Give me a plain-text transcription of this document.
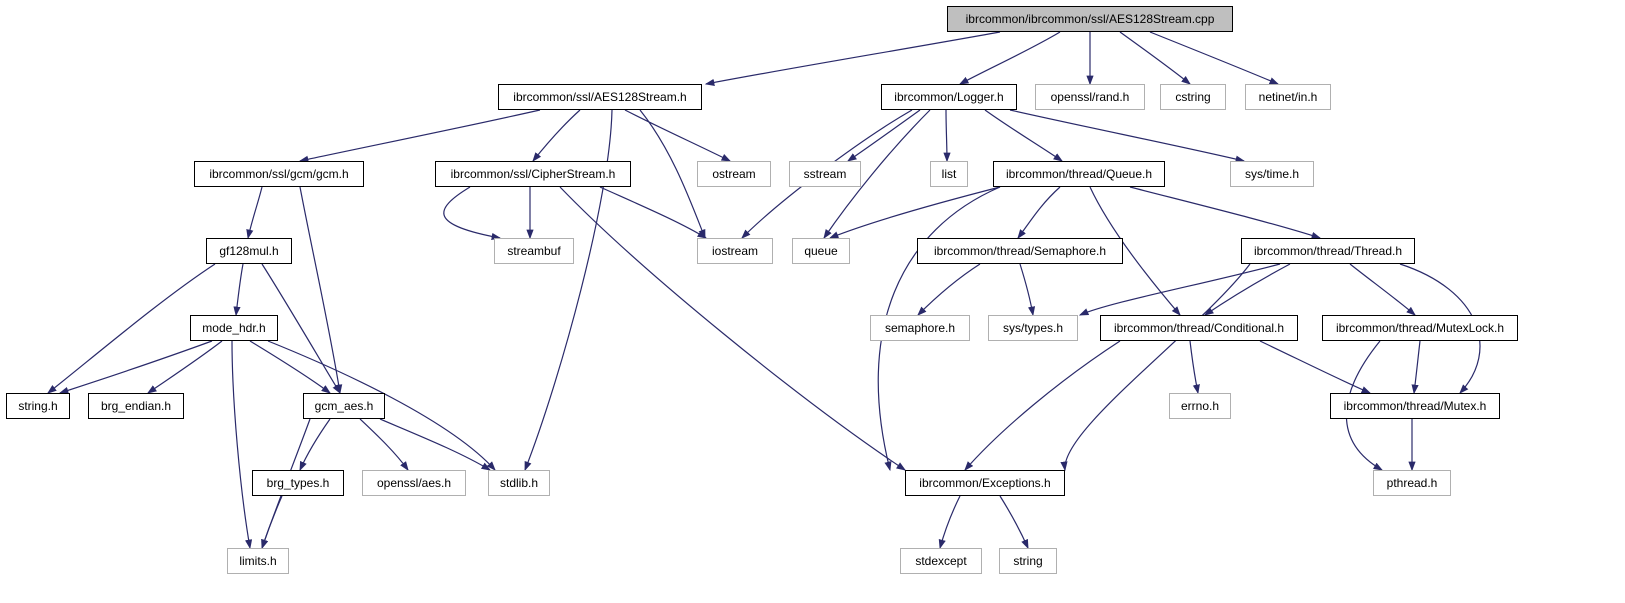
ibrcommon/ibrcommon/ssl/AES128Stream.cpp
ibrcommon/ssl/AES128Stream.h	ibrcommon/Logger.h	openssl/rand.h	cstring	netinet/in.h
ibrcommon/ssl/gcm/gcm.h	ibrcommon/ssl/CipherStream.h	ostream	sstream	list	ibrcommon/thread/Queue.h	sys/time.h
gf128mul.h	streambuf	iostream	queue	ibrcommon/thread/Semaphore.h	ibrcommon/thread/Thread.h
mode_hdr.h	semaphore.h	sys/types.h	ibrcommon/thread/Conditional.h	ibrcommon/thread/MutexLock.h
string.h	brg_endian.h	gcm_aes.h	errno.h	ibrcommon/thread/Mutex.h
brg_types.h	openssl/aes.h	stdlib.h	ibrcommon/Exceptions.h	pthread.h
limits.h	stdexcept	string
